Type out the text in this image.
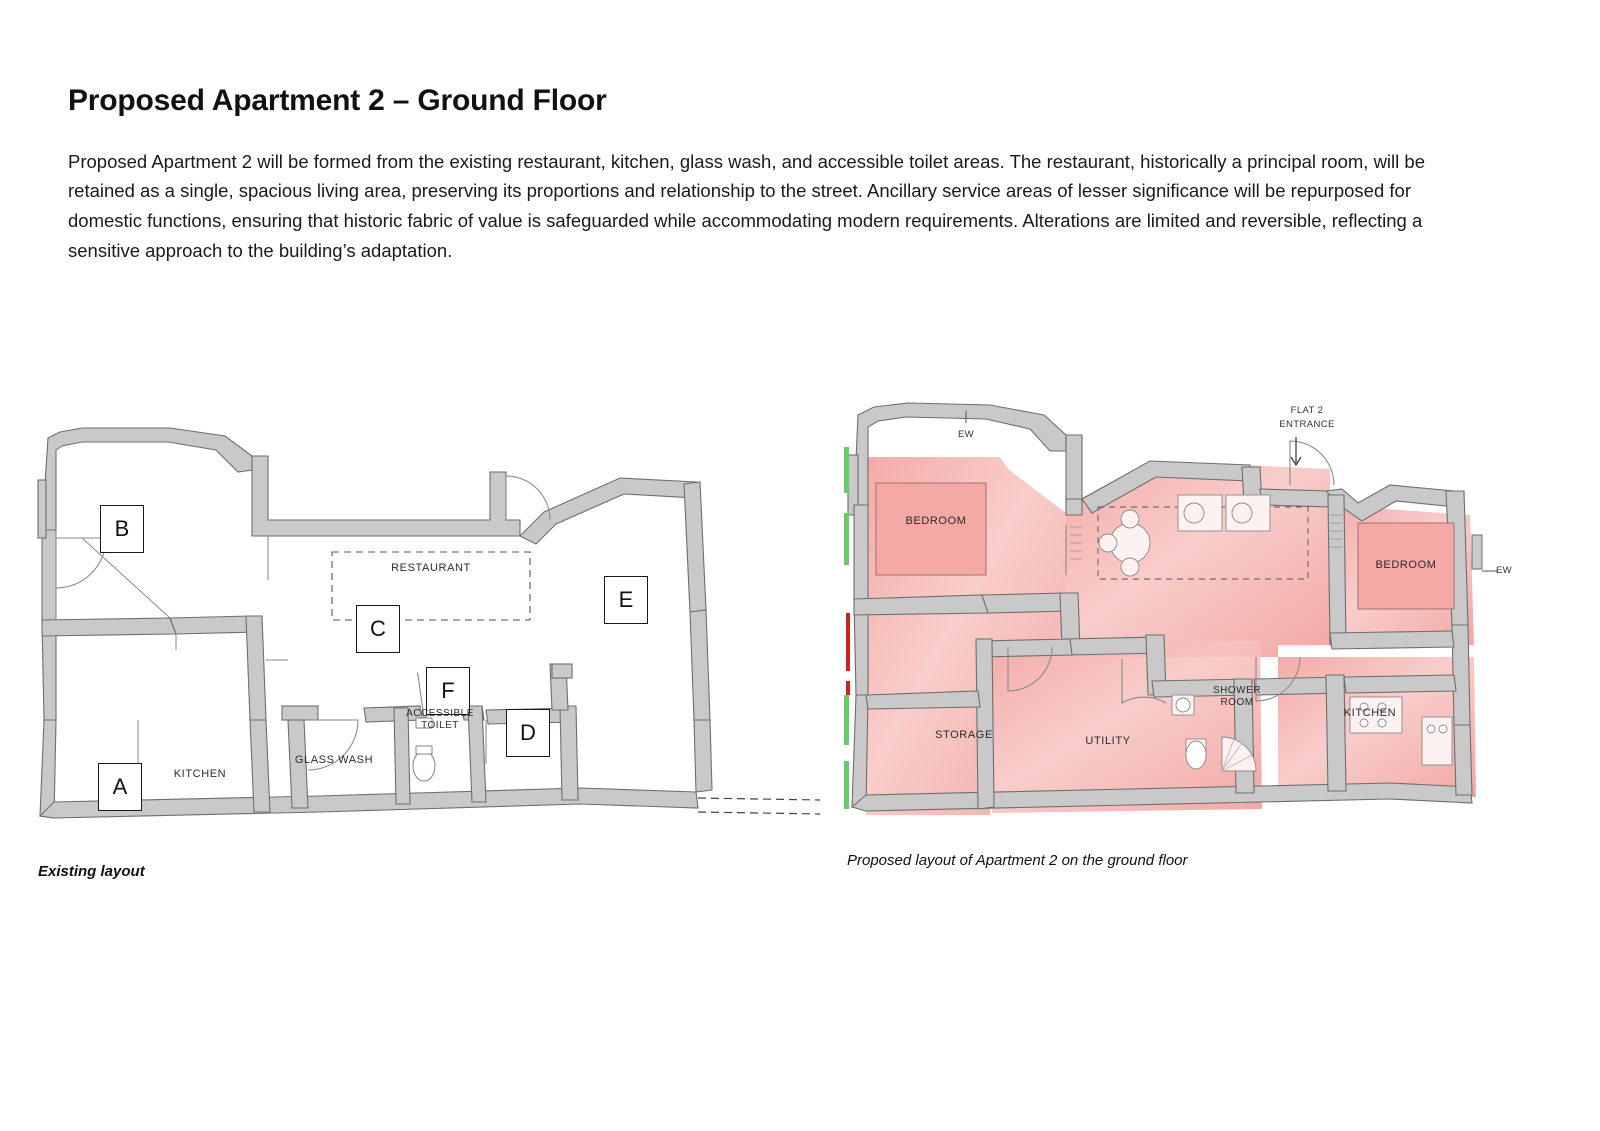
Proposed Apartment 2 – Ground Floor

Proposed Apartment 2 will be formed from the existing restaurant, kitchen, glass wash, and accessible toilet areas. The restaurant, historically a principal room, will be retained as a single, spacious living area, preserving its proportions and relationship to the street. Ancillary service areas of lesser significance will be repurposed for domestic functions, ensuring that historic fabric of value is safeguarded while accommodating modern requirements. Alterations are limited and reversible, reflecting a sensitive approach to the building’s adaptation.

B
C
E
F
D
A
RESTAURANT
KITCHEN
GLASS WASH
ACCESSIBLE
TOILET
Existing layout
FLAT 2
ENTRANCE
EW
EW
BEDROOM
BEDROOM
STORAGE	UTILITY
SHOWER
ROOM
KITCHEN
Proposed layout of Apartment 2 on the ground floor
